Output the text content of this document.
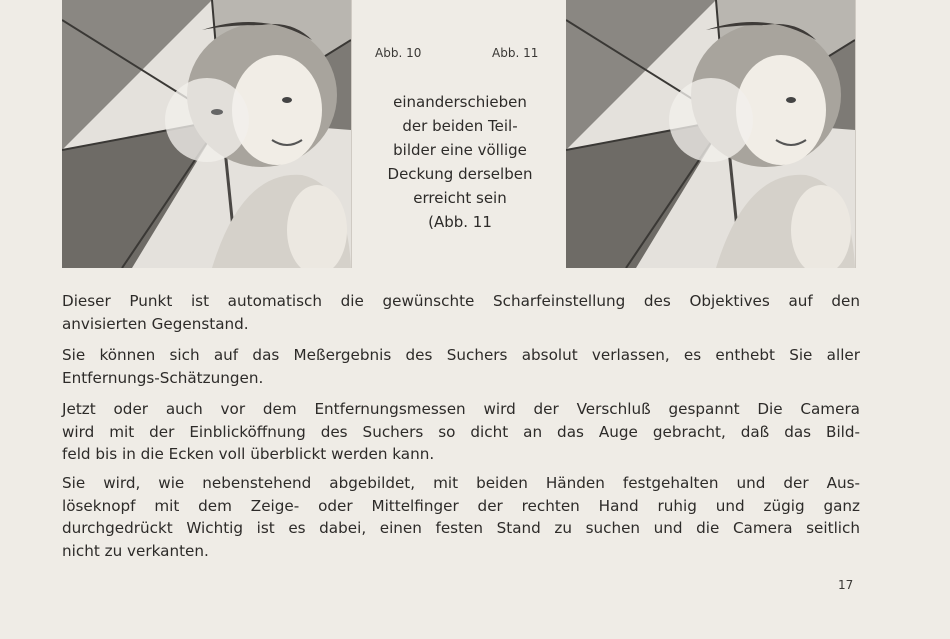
Abb. 10	Abb. 11
einanderschieben
der beiden Teil-
bilder eine völlige
Deckung derselben
erreicht sein
(Abb. 11
Dieser Punkt ist automatisch die gewünschte Scharfeinstellung des Objektives auf den
anvisierten Gegenstand.
Sie können sich auf das Meßergebnis des Suchers absolut verlassen, es enthebt Sie aller
Entfernungs-Schätzungen.
Jetzt oder auch vor dem Entfernungsmessen wird der Verschluß gespannt Die Camera
wird mit der Einblicköffnung des Suchers so dicht an das Auge gebracht, daß das Bild-
feld bis in die Ecken voll überblickt werden kann.
Sie wird, wie nebenstehend abgebildet, mit beiden Händen festgehalten und der Aus-
löseknopf mit dem Zeige- oder Mittelfinger der rechten Hand ruhig und zügig ganz
durchgedrückt Wichtig ist es dabei, einen festen Stand zu suchen und die Camera seitlich
nicht zu verkanten.
17
